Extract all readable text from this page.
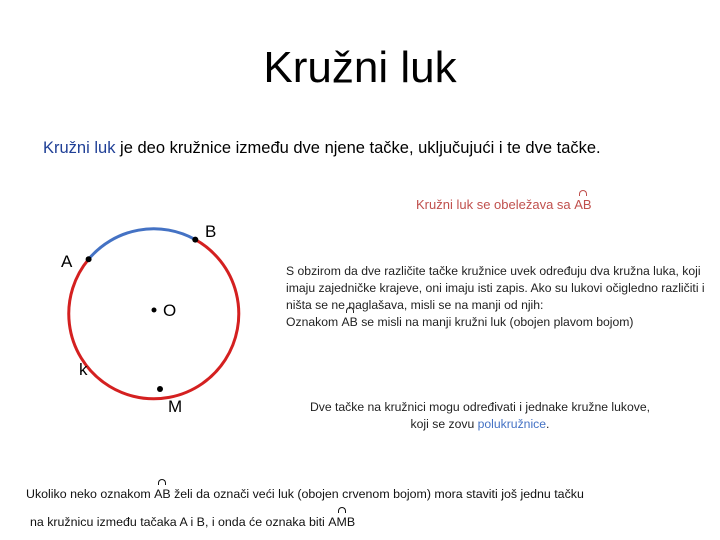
Kružni luk
Kružni luk je deo kružnice između dve njene tačke, uključujući i te dve tačke.
Kružni luk se obeležava sa AB
A
B
O
k
M
S obzirom da dve različite tačke kružnice uvek određuju dva kružna luka, koji imaju zajedničke krajeve, oni imaju isti zapis. Ako su lukovi očigledno različiti i ništa se ne naglašava, misli se na manji od njih:
Oznakom AB se misli na manji kružni luk (obojen plavom bojom)
Dve tačke na kružnici mogu određivati i jednake kružne lukove, koji se zovu polukružnice.
Ukoliko neko oznakom AB želi da označi veći luk (obojen crvenom bojom) mora staviti još jednu tačku
na kružnicu između tačaka A i B, i onda će oznaka biti AMB
